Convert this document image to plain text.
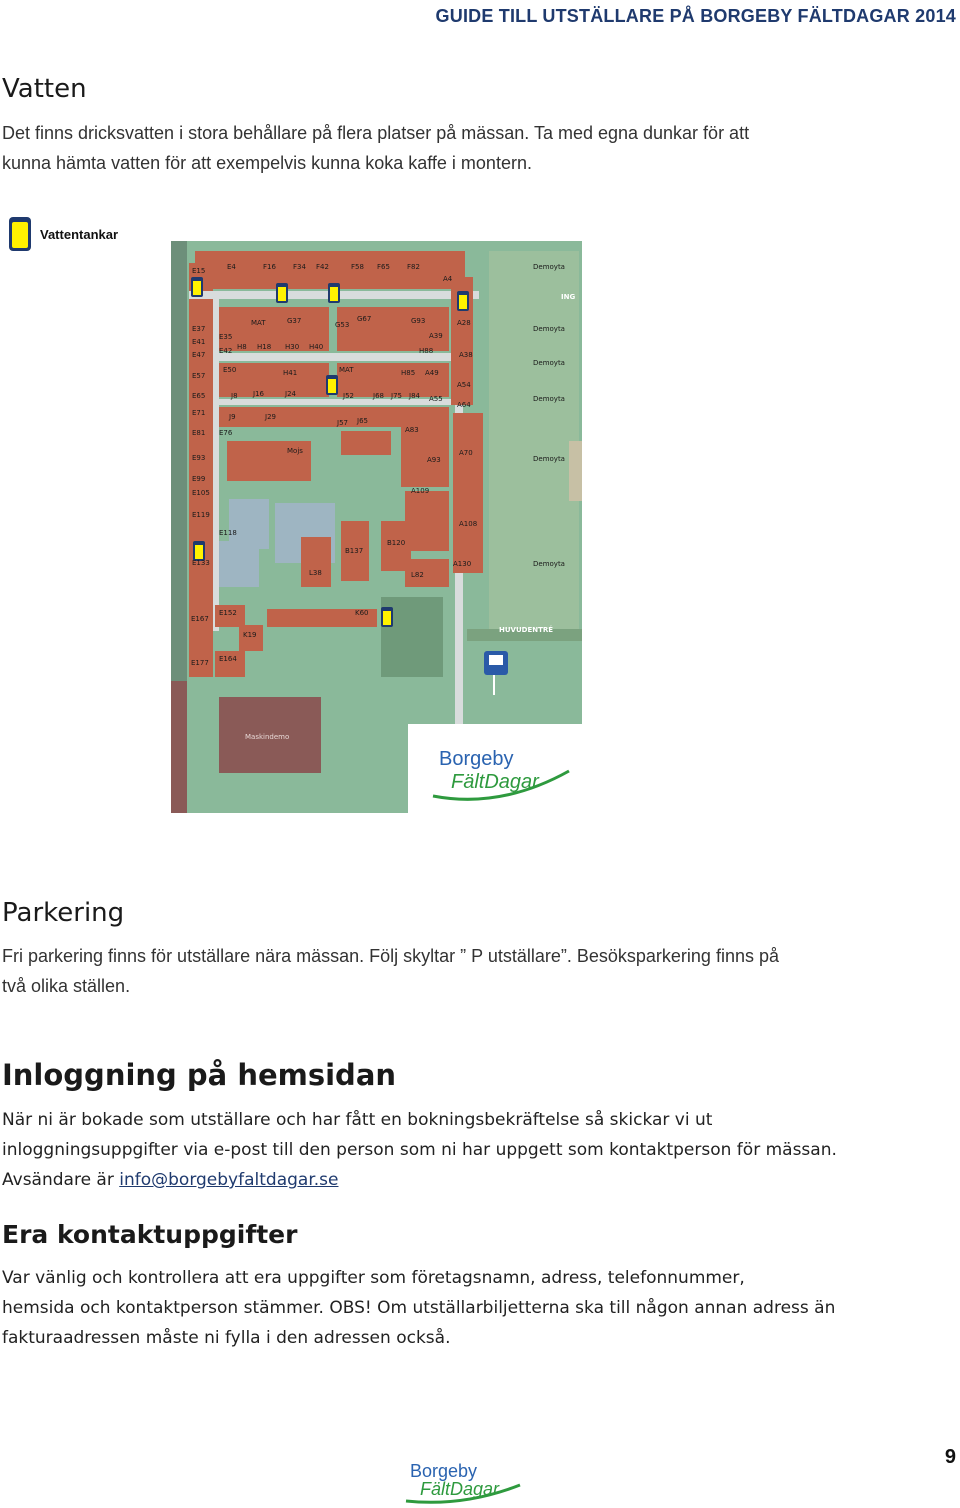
GUIDE TILL UTSTÄLLARE PÅ BORGEBY FÄLTDAGAR 2014
Vatten
Det finns dricksvatten i stora behållare på flera platser på mässan. Ta med egna dunkar för att
kunna hämta vatten för att exempelvis kunna koka kaffe i montern.
Vattentankar
E4	F16 F34 F42	F58 F65 F82
E15
E37
E41
E47
E57
E65
E71
E81
E93
E99
E105
E119
E133
MAT
MAT
G37	G53
G67	G93
H8 H18 H30 H40	H88
A4
A28
A39
A38
A49
A54
A55
A64
E35
E42
E50
J8 J16	J24	J52	J68 J75 J84
H41	H85
J9	J29
J57 J65
E76	A83
A93
A70
A109
A108
A130
E118
B137
B120
L38	L82
Mojs
E152	K60
E167
K19
E164
E177
Demoyta
Demoyta
Demoyta
Demoyta
Demoyta
Demoyta
ING
HUVUDENTRÉ
Maskindemo
Borgeby
FältDagar
Parkering
Fri parkering finns för utställare nära mässan. Följ skyltar ” P utställare”. Besöksparkering finns på
två olika ställen.
Inloggning på hemsidan
När ni är bokade som utställare och har fått en bokningsbekräftelse så skickar vi ut
inloggningsuppgifter via e-post till den person som ni har uppgett som kontaktperson för mässan.
Avsändare är info@borgebyfaltdagar.se
Era kontaktuppgifter
Var vänlig och kontrollera att era uppgifter som företagsnamn, adress, telefonnummer,
hemsida och kontaktperson stämmer. OBS! Om utställarbiljetterna ska till någon annan adress än
fakturaadressen måste ni fylla i den adressen också.
9
Borgeby
FältDagar
